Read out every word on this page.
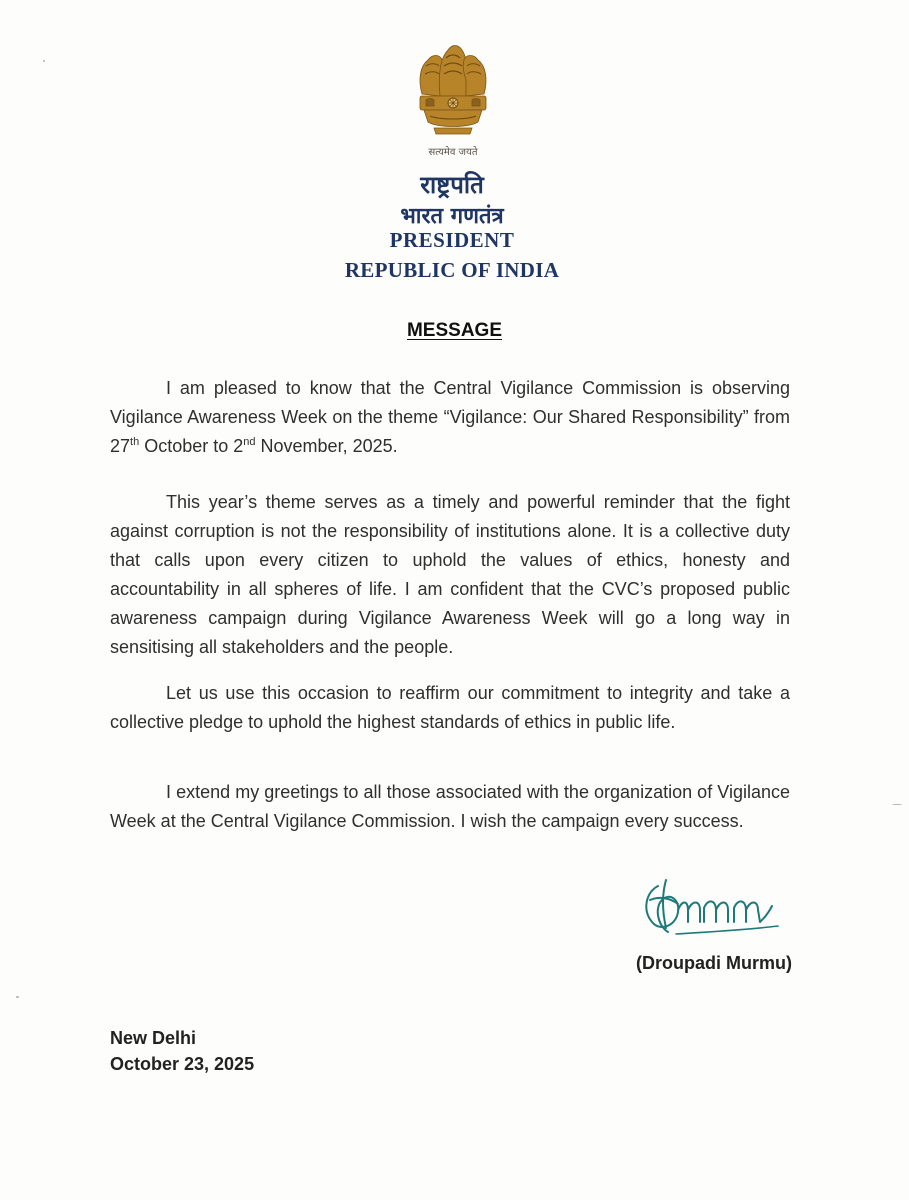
सत्यमेव जयते
राष्ट्रपति
भारत गणतंत्र
PRESIDENT
REPUBLIC OF INDIA
MESSAGE

I am pleased to know that the Central Vigilance Commission is observing Vigilance Awareness Week on the theme “Vigilance: Our Shared Responsibility” from 27th October to 2nd November, 2025.

This year’s theme serves as a timely and powerful reminder that the fight against corruption is not the responsibility of institutions alone. It is a collective duty that calls upon every citizen to uphold the values of ethics, honesty and accountability in all spheres of life. I am confident that the CVC’s proposed public awareness campaign during Vigilance Awareness Week will go a long way in sensitising all stakeholders and the people.

Let us use this occasion to reaffirm our commitment to integrity and take a collective pledge to uphold the highest standards of ethics in public life.

I extend my greetings to all those associated with the organization of Vigilance Week at the Central Vigilance Commission. I wish the campaign every success.

(Droupadi Murmu)
New Delhi
October 23, 2025
